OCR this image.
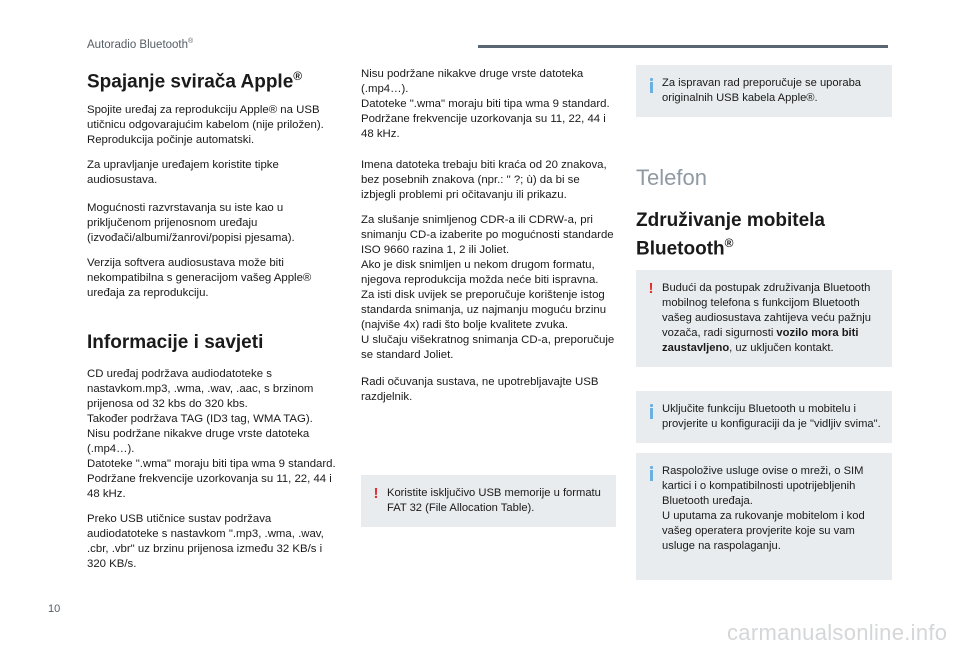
Autoradio Bluetooth®
Spajanje svirača Apple®

Spojite uređaj za reprodukciju Apple® na USB utičnicu odgovarajućim kabelom (nije priložen).
Reprodukcija počinje automatski.

Za upravljanje uređajem koristite tipke audiosustava.

Mogućnosti razvrstavanja su iste kao u priključenom prijenosnom uređaju (izvođači/albumi/žanrovi/popisi pjesama).

Verzija softvera audiosustava može biti nekompatibilna s generacijom vašeg Apple® uređaja za reprodukciju.

Informacije i savjeti

CD uređaj podržava audiodatoteke s nastavkom.mp3, .wma, .wav, .aac, s brzinom prijenosa od 32 kbs do 320 kbs.
Također podržava TAG (ID3 tag, WMA TAG).
Nisu podržane nikakve druge vrste datoteka (.mp4…).
Datoteke ".wma" moraju biti tipa wma 9 standard.
Podržane frekvencije uzorkovanja su 11, 22, 44 i 48 kHz.

Preko USB utičnice sustav podržava audiodatoteke s nastavkom ".mp3, .wma, .wav, .cbr, .vbr" uz brzinu prijenosa između 32 KB/s i 320 KB/s.

Nisu podržane nikakve druge vrste datoteka (.mp4…).
Datoteke ".wma" moraju biti tipa wma 9 standard.
Podržane frekvencije uzorkovanja su 11, 22, 44 i 48 kHz.

Imena datoteka trebaju biti kraća od 20 znakova, bez posebnih znakova (npr.: " ?; ù) da bi se izbjegli problemi pri očitavanju ili prikazu.

Za slušanje snimljenog CDR-a ili CDRW-a, pri snimanju CD-a izaberite po mogućnosti standarde ISO 9660 razina 1, 2 ili Joliet.
Ako je disk snimljen u nekom drugom formatu, njegova reprodukcija možda neće biti ispravna.
Za isti disk uvijek se preporučuje korištenje istog standarda snimanja, uz najmanju moguću brzinu (najviše 4x) radi što bolje kvalitete zvuka.
U slučaju višekratnog snimanja CD-a, preporučuje se standard Joliet.

Radi očuvanja sustava, ne upotrebljavajte USB razdjelnik.

! Koristite isključivo USB memorije u formatu FAT 32 (File Allocation Table).

Za ispravan rad preporučuje se uporaba originalnih USB kabela Apple®.

Telefon
Združivanje mobitela Bluetooth®
! Budući da postupak združivanja Bluetooth mobilnog telefona s funkcijom Bluetooth vašeg audiosustava zahtijeva veću pažnju vozača, radi sigurnosti vozilo mora biti zaustavljeno, uz uključen kontakt.

Uključite funkciju Bluetooth u mobitelu i provjerite u konfiguraciji da je "vidljiv svima".

Raspoložive usluge ovise o mreži, o SIM kartici i o kompatibilnosti upotrijebljenih Bluetooth uređaja.
U uputama za rukovanje mobitelom i kod vašeg operatera provjerite koje su vam usluge na raspolaganju.

10
carmanualsonline.info
